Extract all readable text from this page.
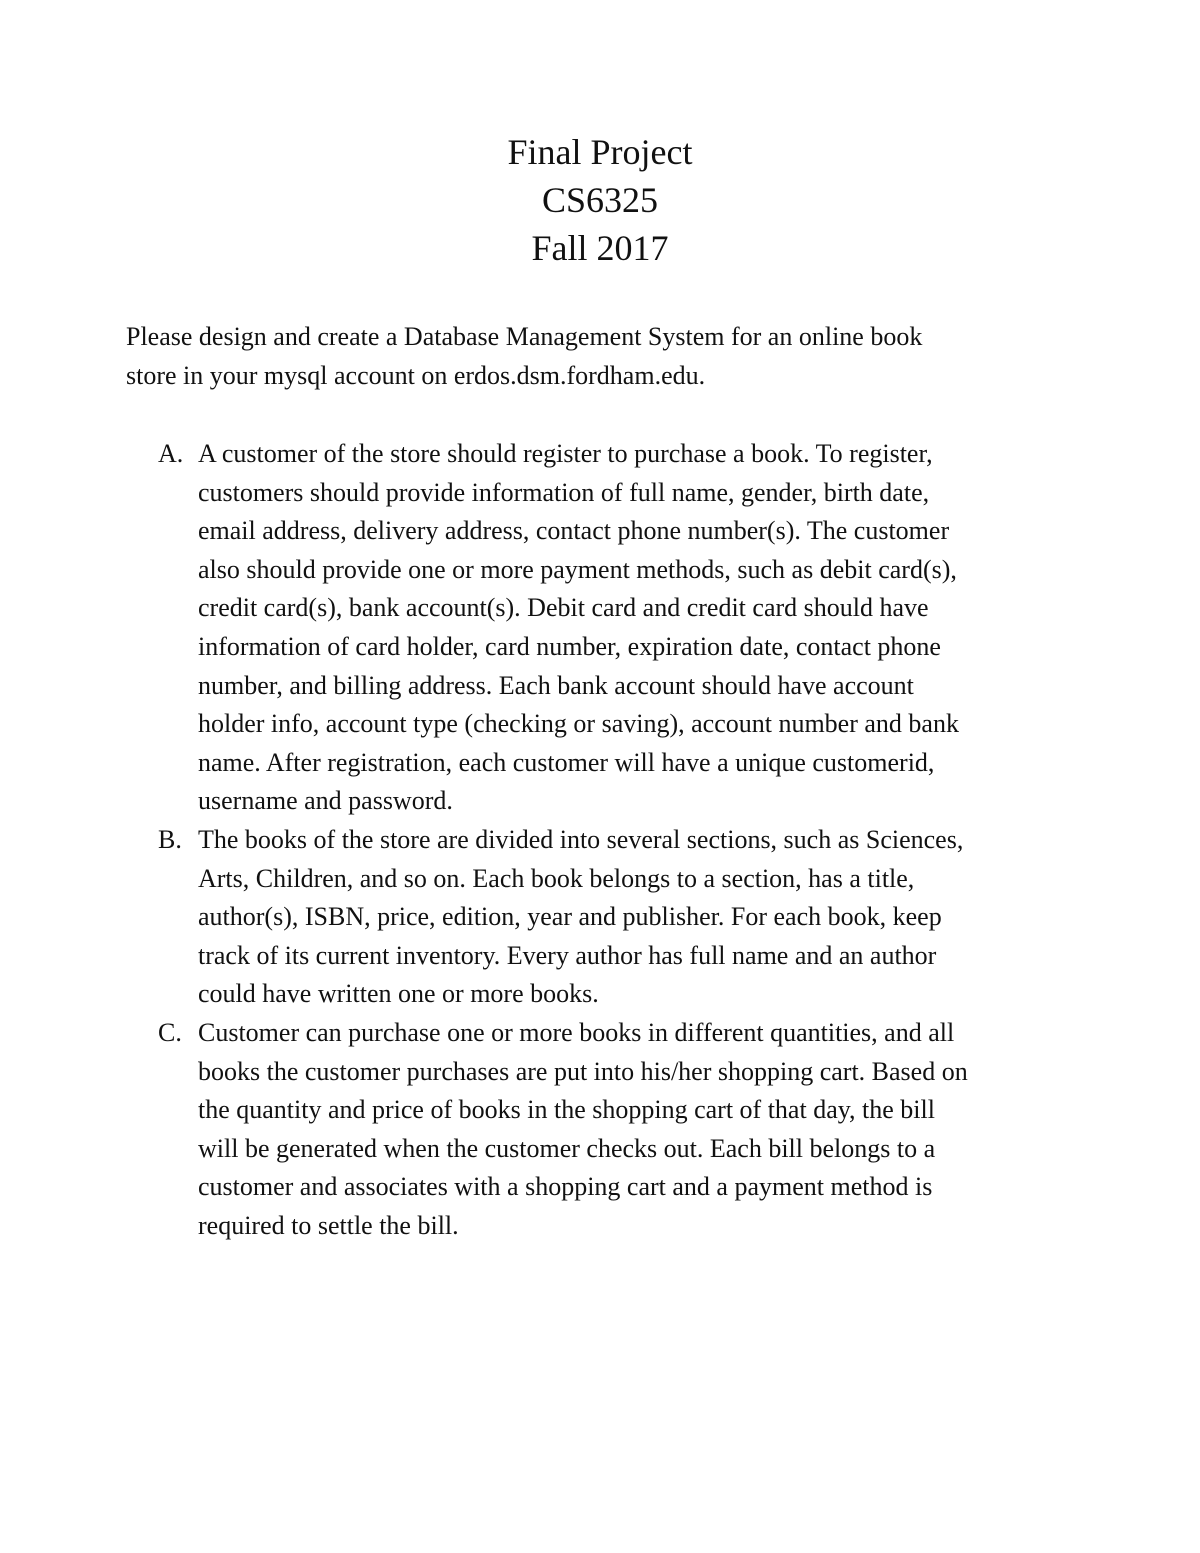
Final Project
CS6325
Fall 2017
Please design and create a Database Management System for an online book
store in your mysql account on erdos.dsm.fordham.edu.
A. A customer of the store should register to purchase a book. To register,
customers should provide information of full name, gender, birth date,
email address, delivery address, contact phone number(s). The customer
also should provide one or more payment methods, such as debit card(s),
credit card(s), bank account(s). Debit card and credit card should have
information of card holder, card number, expiration date, contact phone
number, and billing address. Each bank account should have account
holder info, account type (checking or saving), account number and bank
name. After registration, each customer will have a unique customerid,
username and password.
B. The books of the store are divided into several sections, such as Sciences,
Arts, Children, and so on. Each book belongs to a section, has a title,
author(s), ISBN, price, edition, year and publisher. For each book, keep
track of its current inventory. Every author has full name and an author
could have written one or more books.
C. Customer can purchase one or more books in different quantities, and all
books the customer purchases are put into his/her shopping cart. Based on
the quantity and price of books in the shopping cart of that day, the bill
will be generated when the customer checks out. Each bill belongs to a
customer and associates with a shopping cart and a payment method is
required to settle the bill.
